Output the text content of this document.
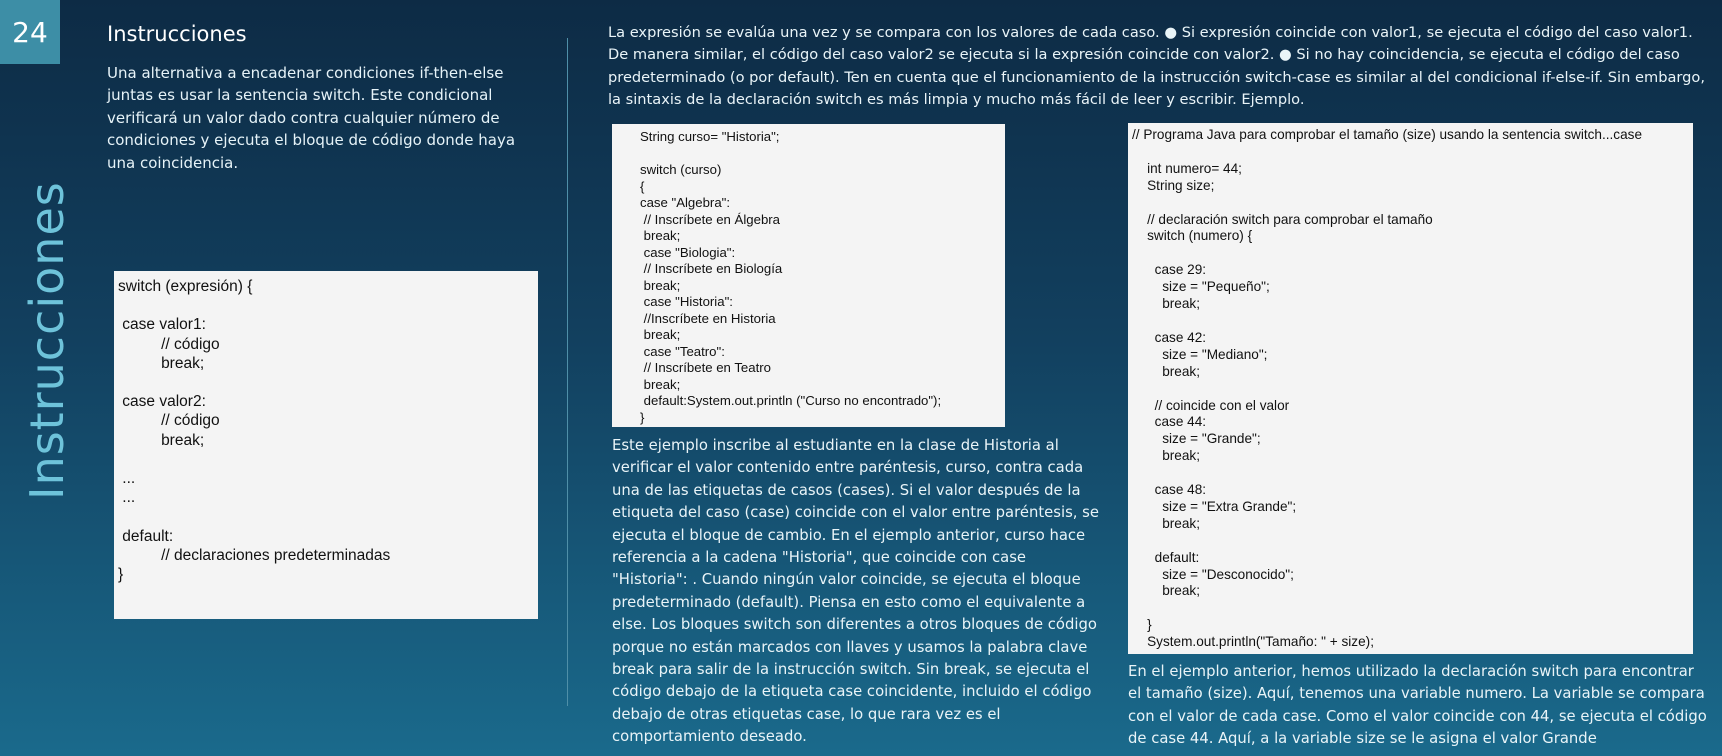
24
Instrucciones
Instrucciones
Una alternativa a encadenar condiciones if-then-else juntas es usar la sentencia switch. Este condicional verificará un valor dado contra cualquier número de condiciones y ejecuta el bloque de código donde haya una coincidencia.
switch (expresión) {

case valor1:
// código
break;

case valor2:
// código
break;

...
...

default:
// declaraciones predeterminadas
}
La expresión se evalúa una vez y se compara con los valores de cada caso. ● Si expresión coincide con valor1, se ejecuta el código del caso valor1. De manera similar, el código del caso valor2 se ejecuta si la expresión coincide con valor2. ● Si no hay coincidencia, se ejecuta el código del caso predeterminado (o por default). Ten en cuenta que el funcionamiento de la instrucción switch-case es similar al del condicional if-else-if. Sin embargo, la sintaxis de la declaración switch es más limpia y mucho más fácil de leer y escribir. Ejemplo.
String curso= "Historia";

switch (curso)
{
case "Algebra":
// Inscríbete en Álgebra
break;
case "Biologia":
// Inscríbete en Biología
break;
case "Historia":
//Inscríbete en Historia
break;
case "Teatro":
// Inscríbete en Teatro
break;
default:System.out.println ("Curso no encontrado");
}
Este ejemplo inscribe al estudiante en la clase de Historia al verificar el valor contenido entre paréntesis, curso, contra cada una de las etiquetas de casos (cases). Si el valor después de la etiqueta del caso (case) coincide con el valor entre paréntesis, se ejecuta el bloque de cambio. En el ejemplo anterior, curso hace referencia a la cadena "Historia", que coincide con case "Historia": . Cuando ningún valor coincide, se ejecuta el bloque predeterminado (default). Piensa en esto como el equivalente a else. Los bloques switch son diferentes a otros bloques de código porque no están marcados con llaves y usamos la palabra clave break para salir de la instrucción switch. Sin break, se ejecuta el código debajo de la etiqueta case coincidente, incluido el código debajo de otras etiquetas case, lo que rara vez es el comportamiento deseado.
// Programa Java para comprobar el tamaño (size) usando la sentencia switch...case

int numero= 44;
String size;

// declaración switch para comprobar el tamaño
switch (numero) {

case 29:
size = "Pequeño";
break;

case 42:
size = "Mediano";
break;

// coincide con el valor
case 44:
size = "Grande";
break;

case 48:
size = "Extra Grande";
break;

default:
size = "Desconocido";
break;

}
System.out.println("Tamaño: " + size);
En el ejemplo anterior, hemos utilizado la declaración switch para encontrar el tamaño (size). Aquí, tenemos una variable numero. La variable se compara con el valor de cada case. Como el valor coincide con 44, se ejecuta el código de case 44. Aquí, a la variable size se le asigna el valor Grande
